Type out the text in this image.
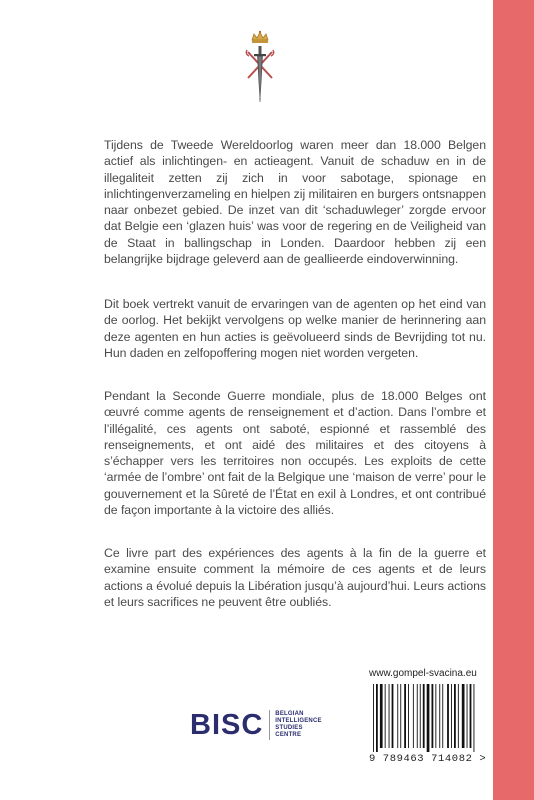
Tijdens de Tweede Wereldoorlog waren meer dan 18.000 Belgen actief als inlichtingen- en actieagent. Vanuit de schaduw en in de illegaliteit zetten zij zich in voor sabotage, spionage en inlichtingenverzameling en hielpen zij militairen en burgers ontsnappen naar onbezet gebied. De inzet van dit ‘schaduwleger’ zorgde ervoor dat Belgie een ‘glazen huis’ was voor de regering en de Veiligheid van de Staat in ballingschap in Londen. Daardoor hebben zij een belangrijke bijdrage geleverd aan de geallieerde eindoverwinning.

Dit boek vertrekt vanuit de ervaringen van de agenten op het eind van de oorlog. Het bekijkt vervolgens op welke manier de herinnering aan deze agenten en hun acties is geëvolueerd sinds de Bevrijding tot nu. Hun daden en zelfopoffering mogen niet worden vergeten.

Pendant la Seconde Guerre mondiale, plus de 18.000 Belges ont œuvré comme agents de renseignement et d’action. Dans l’ombre et l’illégalité, ces agents ont saboté, espionné et rassemblé des renseignements, et ont aidé des militaires et des citoyens à s’échapper vers les territoires non occupés. Les exploits de cette ‘armée de l’ombre’ ont fait de la Belgique une ‘maison de verre’ pour le gouvernement et la Sûreté de l’État en exil à Londres, et ont contribué de façon importante à la victoire des alliés.

Ce livre part des expériences des agents à la fin de la guerre et examine ensuite comment la mémoire de ces agents et de leurs actions a évolué depuis la Libération jusqu’à aujourd’hui. Leurs actions et leurs sacrifices ne peuvent être oubliés.

www.gompel-svacina.eu
BISC BELGIAN
INTELLIGENCE
STUDIES
CENTRE
9 789463 714082 >
